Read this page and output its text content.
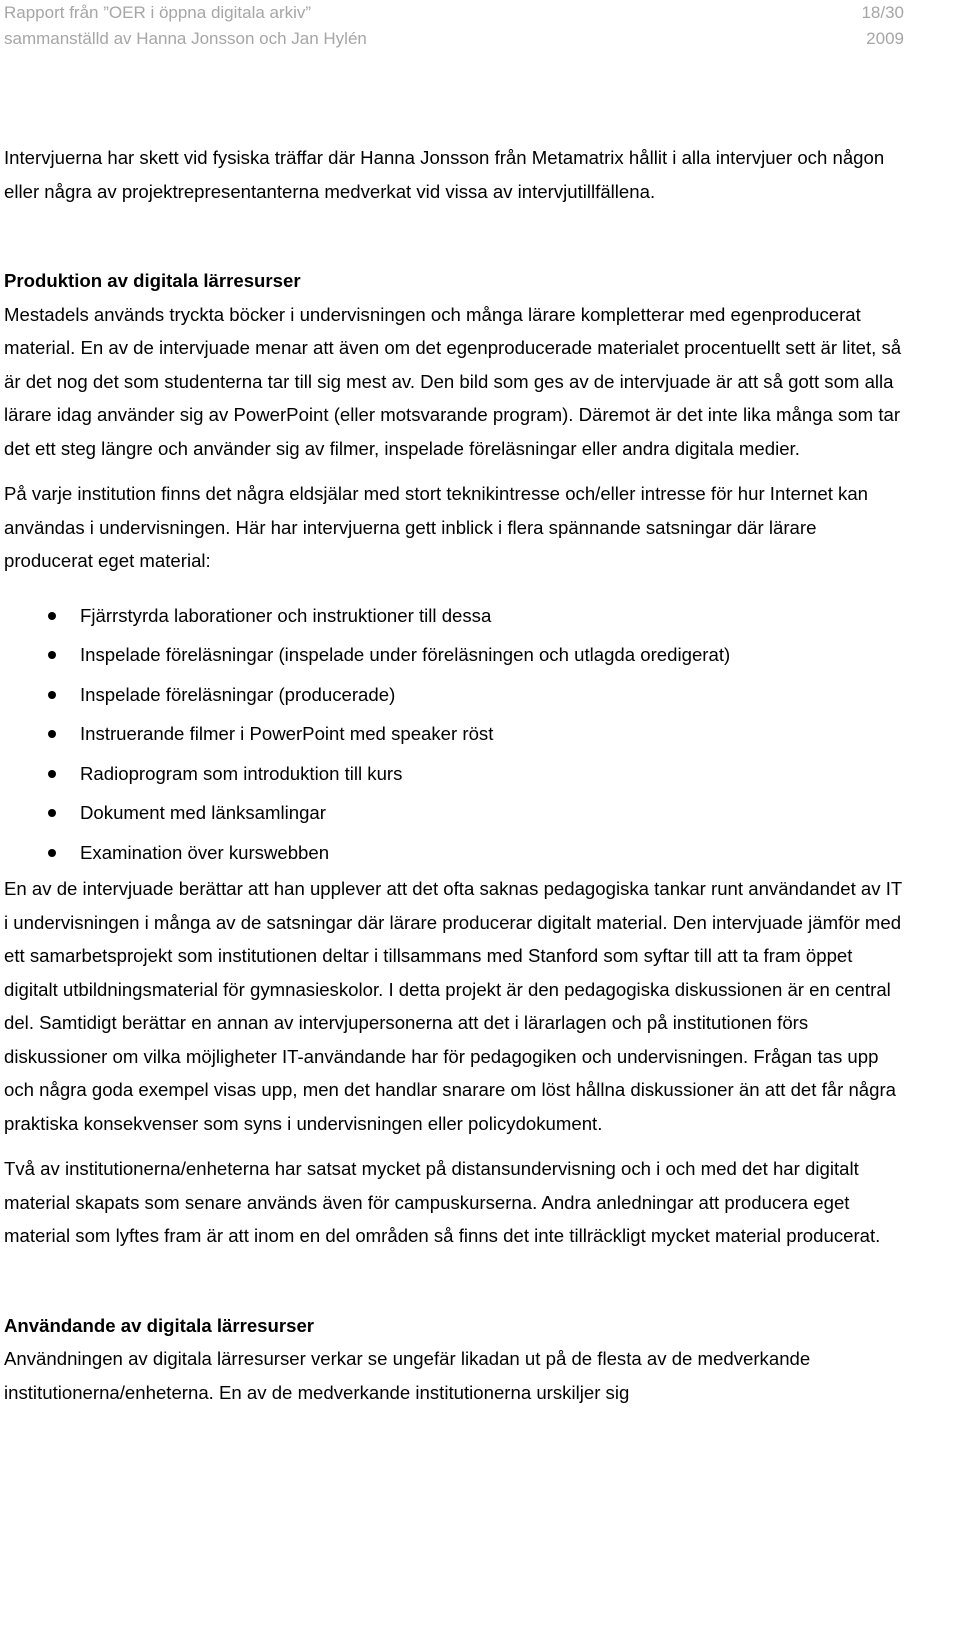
Rapport från ”OER i öppna digitala arkiv”	18/30
sammanställd av Hanna Jonsson och Jan Hylén	2009

Intervjuerna har skett vid fysiska träffar där Hanna Jonsson från Metamatrix hållit i alla intervjuer och någon eller några av projektrepresentanterna medverkat vid vissa av intervjutillfällena.

Produktion av digitala lärresurser

Mestadels används tryckta böcker i undervisningen och många lärare kompletterar med egenproducerat material. En av de intervjuade menar att även om det egenproducerade materialet procentuellt sett är litet, så är det nog det som studenterna tar till sig mest av. Den bild som ges av de intervjuade är att så gott som alla lärare idag använder sig av PowerPoint (eller motsvarande program). Däremot är det inte lika många som tar det ett steg längre och använder sig av filmer, inspelade föreläsningar eller andra digitala medier.

På varje institution finns det några eldsjälar med stort teknikintresse och/eller intresse för hur Internet kan användas i undervisningen. Här har intervjuerna gett inblick i flera spännande satsningar där lärare producerat eget material:

Fjärrstyrda laborationer och instruktioner till dessa
Inspelade föreläsningar (inspelade under föreläsningen och utlagda oredigerat)
Inspelade föreläsningar (producerade)
Instruerande filmer i PowerPoint med speaker röst
Radioprogram som introduktion till kurs
Dokument med länksamlingar
Examination över kurswebben

En av de intervjuade berättar att han upplever att det ofta saknas pedagogiska tankar runt användandet av IT i undervisningen i många av de satsningar där lärare producerar digitalt material. Den intervjuade jämför med ett samarbetsprojekt som institutionen deltar i tillsammans med Stanford som syftar till att ta fram öppet digitalt utbildningsmaterial för gymnasieskolor. I detta projekt är den pedagogiska diskussionen är en central del. Samtidigt berättar en annan av intervjupersonerna att det i lärarlagen och på institutionen förs diskussioner om vilka möjligheter IT-användande har för pedagogiken och undervisningen. Frågan tas upp och några goda exempel visas upp, men det handlar snarare om löst hållna diskussioner än att det får några praktiska konsekvenser som syns i undervisningen eller policydokument.

Två av institutionerna/enheterna har satsat mycket på distansundervisning och i och med det har digitalt material skapats som senare används även för campuskurserna. Andra anledningar att producera eget material som lyftes fram är att inom en del områden så finns det inte tillräckligt mycket material producerat.

Användande av digitala lärresurser

Användningen av digitala lärresurser verkar se ungefär likadan ut på de flesta av de medverkande institutionerna/enheterna. En av de medverkande institutionerna urskiljer sig
